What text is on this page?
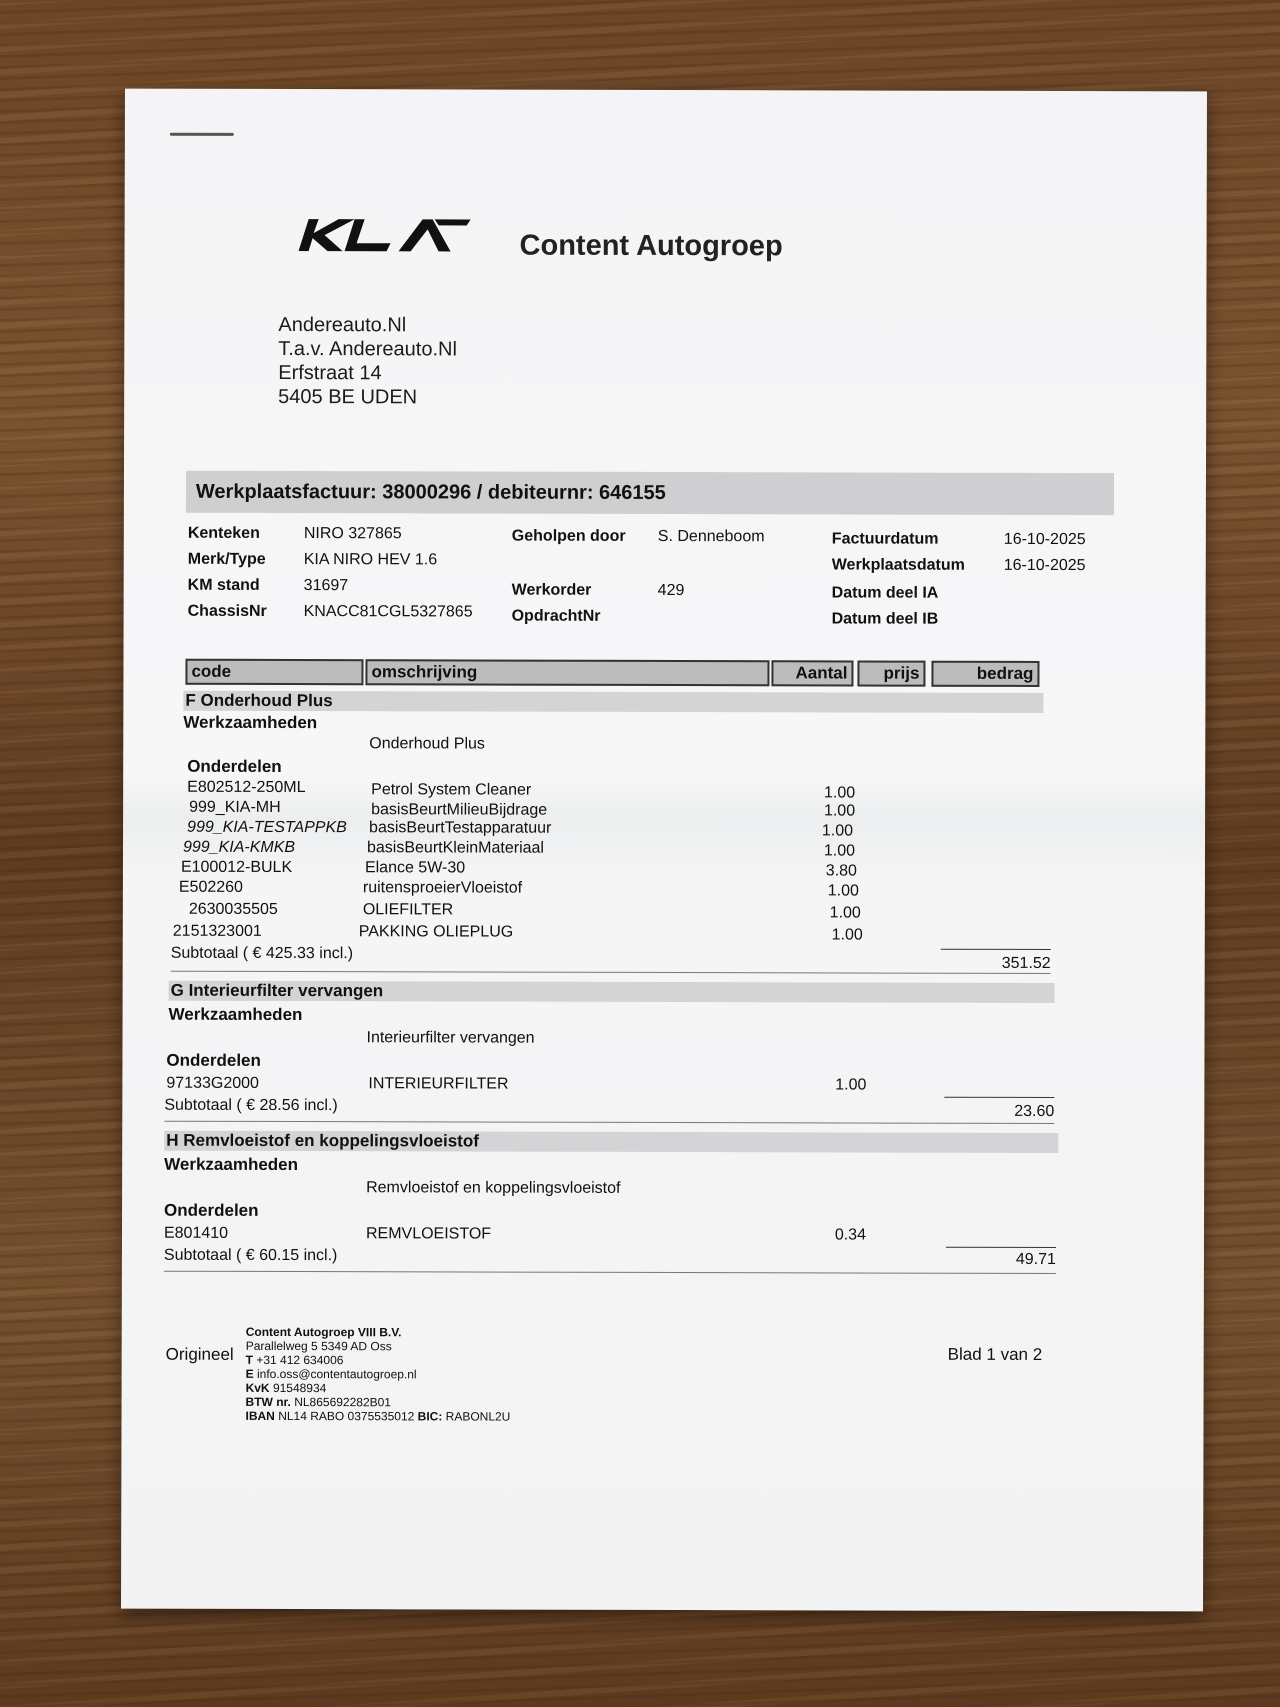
Content Autogroep
Andereauto.Nl
T.a.v. Andereauto.Nl
Erfstraat 14
5405 BE UDEN
Werkplaatsfactuur: 38000296 / debiteurnr: 646155
Kenteken	NIRO 327865
Merk/Type KIA NIRO HEV 1.6
KM stand	31697
ChassisNr KNACC81CGL5327865
Geholpen door S. Denneboom
Werkorder	429
OpdrachtNr
Factuurdatum	16-10-2025
Werkplaatsdatum 16-10-2025
Datum deel IA
Datum deel IB
code	omschrijving	Aantal	prijs	bedrag
F Onderhoud Plus
Werkzaamheden
Onderhoud Plus
Onderdelen
E802512-250ML	Petrol System Cleaner	1.00
999_KIA-MH	basisBeurtMilieuBijdrage	1.00
999_KIA-TESTAPPKB basisBeurtTestapparatuur	1.00
999_KIA-KMKB	basisBeurtKleinMateriaal	1.00
E100012-BULK	Elance 5W-30	3.80
E502260	ruitensproeierVloeistof	1.00
2630035505	OLIEFILTER	1.00
2151323001	PAKKING OLIEPLUG	1.00
Subtotaal ( € 425.33 incl.)
351.52
G Interieurfilter vervangen
Werkzaamheden
Interieurfilter vervangen
Onderdelen
97133G2000	INTERIEURFILTER	1.00
Subtotaal ( € 28.56 incl.)	23.60
H Remvloeistof en koppelingsvloeistof
Werkzaamheden
Remvloeistof en koppelingsvloeistof
Onderdelen
E801410	REMVLOEISTOF	0.34
Subtotaal ( € 60.15 incl.)	49.71
Origineel	Blad 1 van 2
Content Autogroep VIII B.V.
Parallelweg 5 5349 AD Oss
T +31 412 634006
E info.oss@contentautogroep.nl
KvK 91548934
BTW nr. NL865692282B01
IBAN NL14 RABO 0375535012 BIC: RABONL2U
